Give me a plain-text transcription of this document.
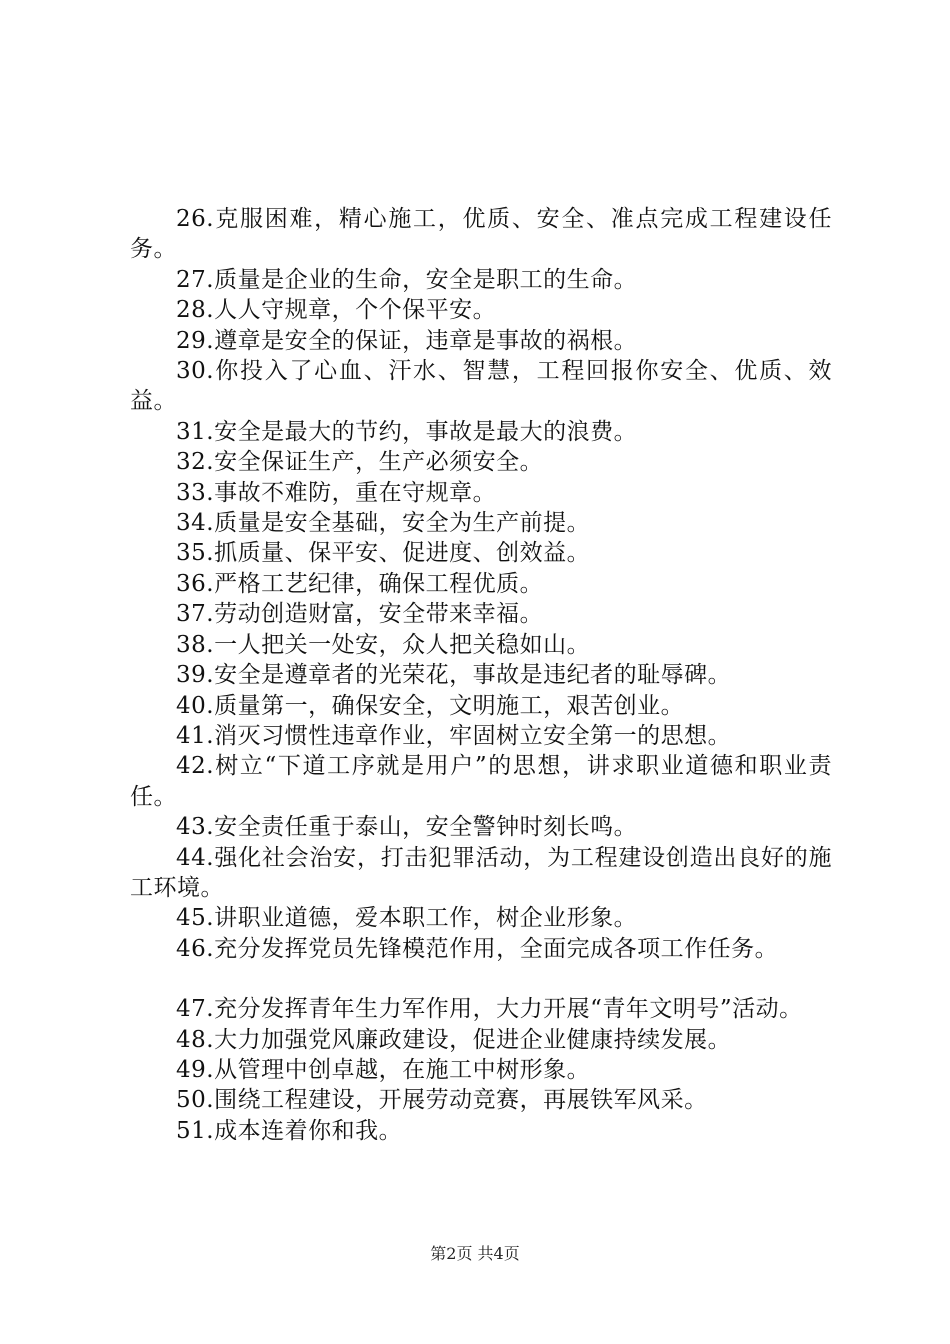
26.克服困难，精心施工，优质、安全、准点完成工程建设任务。

27.质量是企业的生命，安全是职工的生命。

28.人人守规章，个个保平安。

29.遵章是安全的保证，违章是事故的祸根。

30.你投入了心血、汗水、智慧，工程回报你安全、优质、效益。

31.安全是最大的节约，事故是最大的浪费。

32.安全保证生产，生产必须安全。

33.事故不难防，重在守规章。

34.质量是安全基础，安全为生产前提。

35.抓质量、保平安、促进度、创效益。

36.严格工艺纪律，确保工程优质。

37.劳动创造财富，安全带来幸福。

38.一人把关一处安，众人把关稳如山。

39.安全是遵章者的光荣花，事故是违纪者的耻辱碑。

40.质量第一，确保安全，文明施工，艰苦创业。

41.消灭习惯性违章作业，牢固树立安全第一的思想。

42.树立“下道工序就是用户”的思想，讲求职业道德和职业责任。

43.安全责任重于泰山，安全警钟时刻长鸣。

44.强化社会治安，打击犯罪活动，为工程建设创造出良好的施工环境。

45.讲职业道德，爱本职工作，树企业形象。

46.充分发挥党员先锋模范作用，全面完成各项工作任务。

47.充分发挥青年生力军作用，大力开展“青年文明号”活动。

48.大力加强党风廉政建设，促进企业健康持续发展。

49.从管理中创卓越，在施工中树形象。

50.围绕工程建设，开展劳动竞赛，再展铁军风采。

51.成本连着你和我。

第2页 共4页
